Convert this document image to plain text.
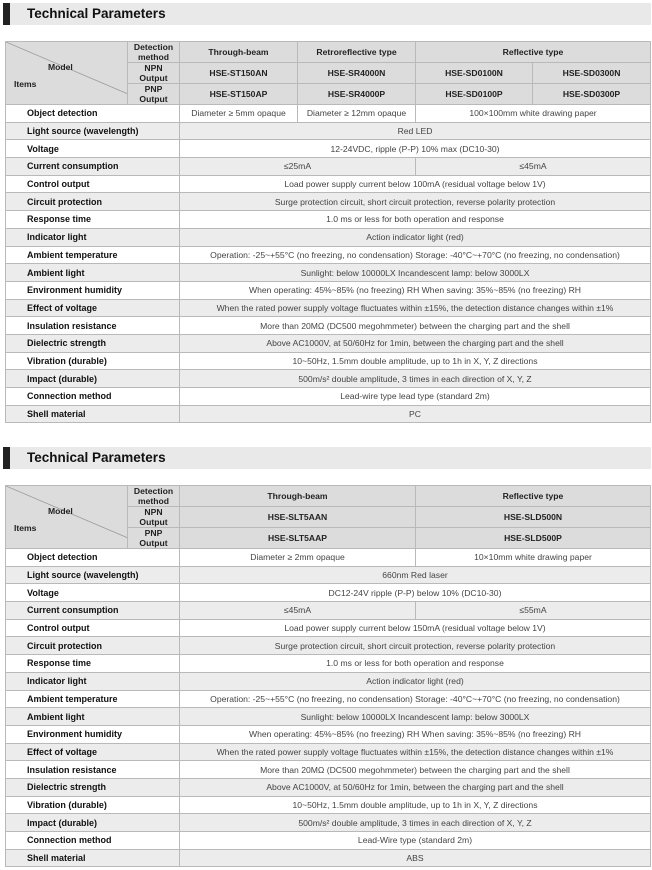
Technical Parameters
Model
Items	Detection
method	Through-beam	Retroreflective type	Reflective type	
	NPN
Output	HSE-ST150AN	HSE-SR4000N	HSE-SD0100N	HSE-SD0300N
	PNP
Output	HSE-ST150AP	HSE-SR4000P	HSE-SD0100P	HSE-SD0300P
Object detection		Diameter ≥ 5mm opaque	Diameter ≥ 12mm opaque	100×100mm white drawing paper	
Light source (wavelength)		Red LED			
Voltage		12-24VDC, ripple (P-P) 10% max (DC10-30)			
Current consumption		≤25mA		≤45mA	
Control output		Load power supply current below 100mA (residual voltage below 1V)			
Circuit protection		Surge protection circuit, short circuit protection, reverse polarity protection			
Response time		1.0 ms or less for both operation and response			
Indicator light		Action indicator light (red)			
Ambient temperature		Operation: -25~+55°C (no freezing, no condensation) Storage: -40°C~+70°C (no freezing, no condensation)			
Ambient light		Sunlight: below 10000LX Incandescent lamp: below 3000LX			
Environment humidity		When operating: 45%~85% (no freezing) RH When saving: 35%~85% (no freezing) RH			
Effect of voltage		When the rated power supply voltage fluctuates within ±15%, the detection distance changes within ±1%			
Insulation resistance		More than 20MΩ (DC500 megohmmeter) between the charging part and the shell			
Dielectric strength		Above AC1000V, at 50/60Hz for 1min, between the charging part and the shell			
Vibration (durable)		10~50Hz, 1.5mm double amplitude, up to 1h in X, Y, Z directions			
Impact (durable)		500m/s² double amplitude, 3 times in each direction of X, Y, Z			
Connection method		Lead-wire type lead type (standard 2m)			
Shell material		PC			
Technical Parameters
Model
Items	Detection
method	Through-beam	Reflective type
	NPN
Output	HSE-SLT5AAN	HSE-SLD500N
	PNP
Output	HSE-SLT5AAP	HSE-SLD500P
Object detection		Diameter ≥ 2mm opaque	10×10mm white drawing paper
Light source (wavelength)		660nm Red laser	
Voltage		DC12-24V ripple (P-P) below 10% (DC10-30)	
Current consumption		≤45mA	≤55mA
Control output		Load power supply current below 150mA (residual voltage below 1V)	
Circuit protection		Surge protection circuit, short circuit protection, reverse polarity protection	
Response time		1.0 ms or less for both operation and response	
Indicator light		Action indicator light (red)	
Ambient temperature		Operation: -25~+55°C (no freezing, no condensation) Storage: -40°C~+70°C (no freezing, no condensation)	
Ambient light		Sunlight: below 10000LX Incandescent lamp: below 3000LX	
Environment humidity		When operating: 45%~85% (no freezing) RH When saving: 35%~85% (no freezing) RH	
Effect of voltage		When the rated power supply voltage fluctuates within ±15%, the detection distance changes within ±1%	
Insulation resistance		More than 20MΩ (DC500 megohmmeter) between the charging part and the shell	
Dielectric strength		Above AC1000V, at 50/60Hz for 1min, between the charging part and the shell	
Vibration (durable)		10~50Hz, 1.5mm double amplitude, up to 1h in X, Y, Z directions	
Impact (durable)		500m/s² double amplitude, 3 times in each direction of X, Y, Z	
Connection method		Lead-Wire type (standard 2m)	
Shell material		ABS	
